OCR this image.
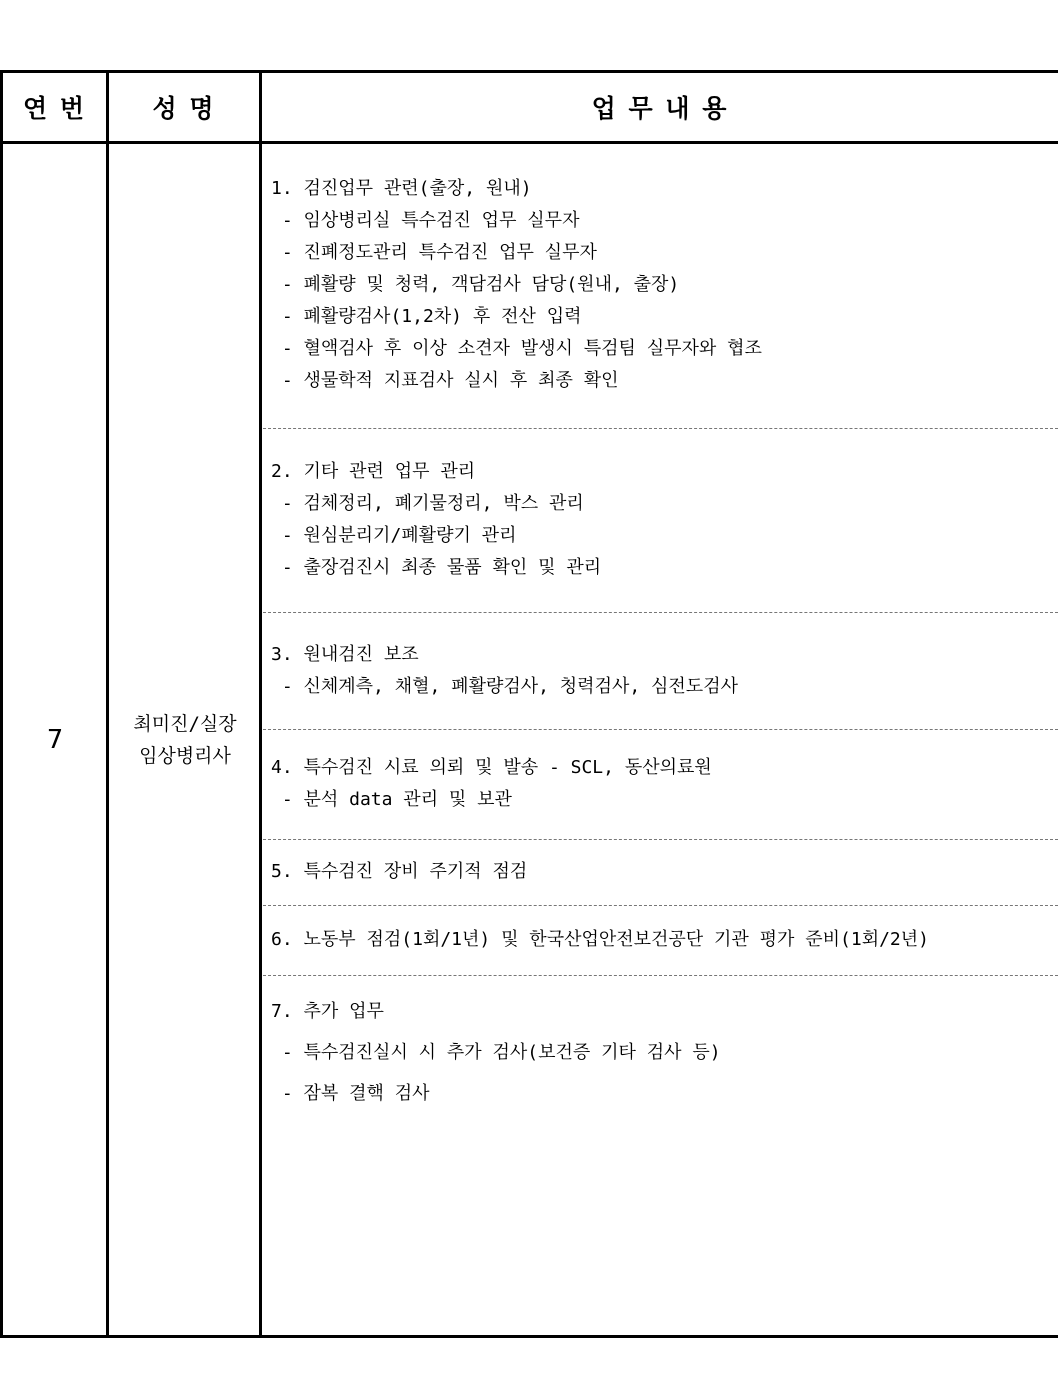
연 번	성 명	업 무 내 용
7
최미진/실장
임상병리사
1. 검진업무 관련(출장, 원내)
- 임상병리실 특수검진 업무 실무자
- 진폐정도관리 특수검진 업무 실무자
- 폐활량 및 청력, 객담검사 담당(원내, 출장)
- 폐활량검사(1,2차) 후 전산 입력
- 혈액검사 후 이상 소견자 발생시 특검팀 실무자와 협조
- 생물학적 지표검사 실시 후 최종 확인
2. 기타 관련 업무 관리
- 검체정리, 폐기물정리, 박스 관리
- 원심분리기/폐활량기 관리
- 출장검진시 최종 물품 확인 및 관리
3. 원내검진 보조
- 신체계측, 채혈, 폐활량검사, 청력검사, 심전도검사
4. 특수검진 시료 의뢰 및 발송 - SCL, 동산의료원
- 분석 data 관리 및 보관
5. 특수검진 장비 주기적 점검
6. 노동부 점검(1회/1년) 및 한국산업안전보건공단 기관 평가 준비(1회/2년)
7. 추가 업무
- 특수검진실시 시 추가 검사(보건증 기타 검사 등)
- 잠복 결핵 검사
